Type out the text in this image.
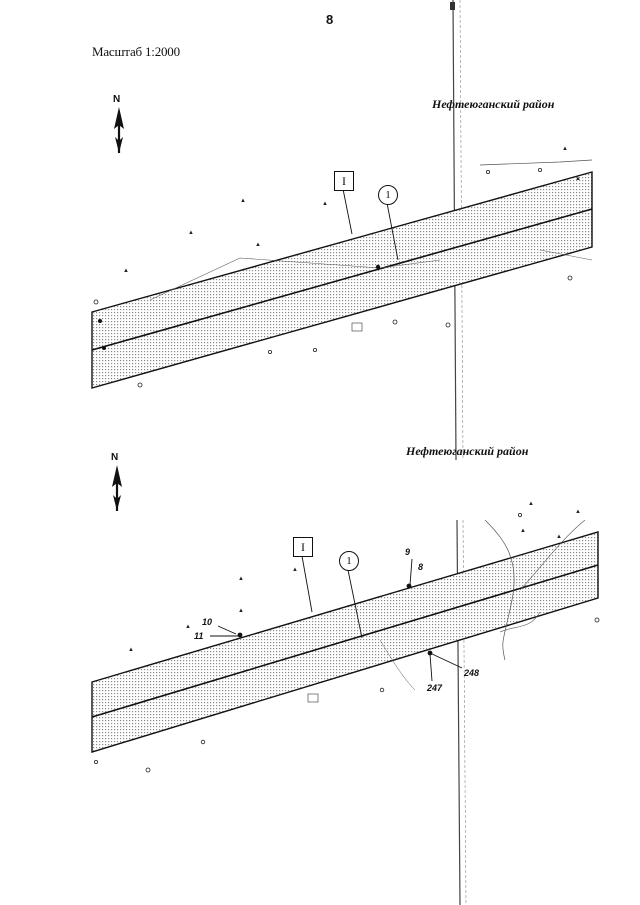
▲
▲
▲
▲
▲
▲
▲
▲
▲
▲
▲
▲
▲
▲
▲
▲
8
Масштаб 1:2000
Нефтеюганский район
N
I
1
Нефтеюганский район
N
I
1
9
8
10
11
247
248
